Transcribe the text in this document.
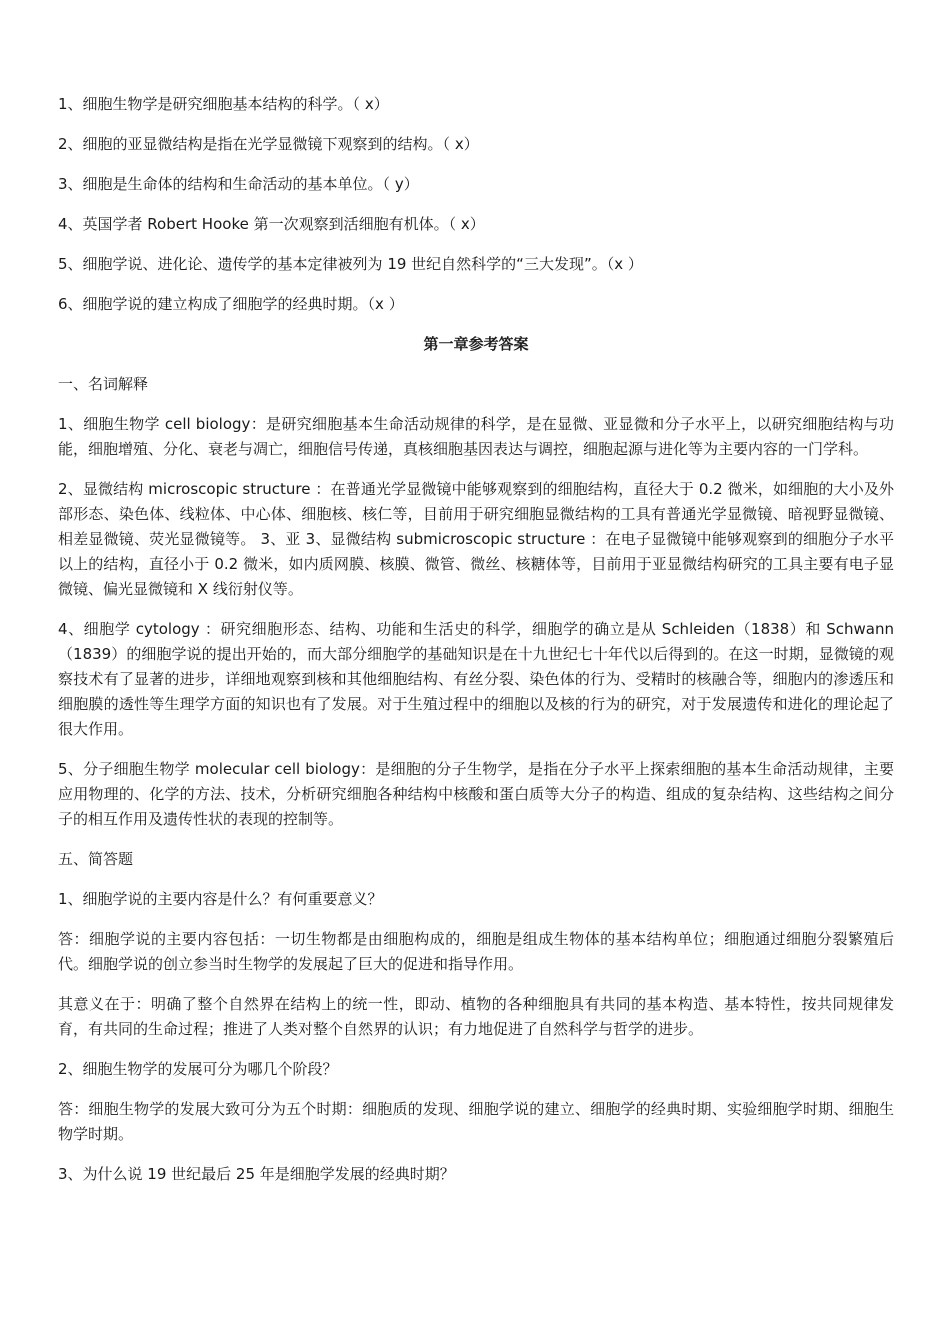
1、细胞生物学是研究细胞基本结构的科学。（ x）

2、细胞的亚显微结构是指在光学显微镜下观察到的结构。（ x）

3、细胞是生命体的结构和生命活动的基本单位。（ y）

4、英国学者 Robert Hooke 第一次观察到活细胞有机体。（ x）

5、细胞学说、进化论、遗传学的基本定律被列为 19 世纪自然科学的“三大发现”。（x ）

6、细胞学说的建立构成了细胞学的经典时期。（x ）

第一章参考答案

一、名词解释

1、细胞生物学 cell biology：是研究细胞基本生命活动规律的科学，是在显微、亚显微和分子水平上，以研究细胞结构与功能，细胞增殖、分化、衰老与凋亡，细胞信号传递，真核细胞基因表达与调控，细胞起源与进化等为主要内容的一门学科。

2、显微结构 microscopic structure ：在普通光学显微镜中能够观察到的细胞结构，直径大于 0.2 微米，如细胞的大小及外部形态、染色体、线粒体、中心体、细胞核、核仁等，目前用于研究细胞显微结构的工具有普通光学显微镜、暗视野显微镜、相差显微镜、荧光显微镜等。 3、亚 3、显微结构 submicroscopic structure ：在电子显微镜中能够观察到的细胞分子水平以上的结构，直径小于 0.2 微米，如内质网膜、核膜、微管、微丝、核糖体等，目前用于亚显微结构研究的工具主要有电子显微镜、偏光显微镜和 X 线衍射仪等。

4、细胞学 cytology ：研究细胞形态、结构、功能和生活史的科学，细胞学的确立是从 Schleiden（1838）和 Schwann（1839）的细胞学说的提出开始的，而大部分细胞学的基础知识是在十九世纪七十年代以后得到的。在这一时期，显微镜的观察技术有了显著的进步，详细地观察到核和其他细胞结构、有丝分裂、染色体的行为、受精时的核融合等，细胞内的渗透压和细胞膜的透性等生理学方面的知识也有了发展。对于生殖过程中的细胞以及核的行为的研究，对于发展遗传和进化的理论起了很大作用。

5、分子细胞生物学 molecular cell biology：是细胞的分子生物学，是指在分子水平上探索细胞的基本生命活动规律，主要应用物理的、化学的方法、技术，分析研究细胞各种结构中核酸和蛋白质等大分子的构造、组成的复杂结构、这些结构之间分子的相互作用及遗传性状的表现的控制等。

五、简答题

1、细胞学说的主要内容是什么？有何重要意义？

答：细胞学说的主要内容包括：一切生物都是由细胞构成的，细胞是组成生物体的基本结构单位；细胞通过细胞分裂繁殖后代。细胞学说的创立参当时生物学的发展起了巨大的促进和指导作用。

其意义在于：明确了整个自然界在结构上的统一性，即动、植物的各种细胞具有共同的基本构造、基本特性，按共同规律发育，有共同的生命过程；推进了人类对整个自然界的认识；有力地促进了自然科学与哲学的进步。

2、细胞生物学的发展可分为哪几个阶段？

答：细胞生物学的发展大致可分为五个时期：细胞质的发现、细胞学说的建立、细胞学的经典时期、实验细胞学时期、细胞生物学时期。

3、为什么说 19 世纪最后 25 年是细胞学发展的经典时期？
